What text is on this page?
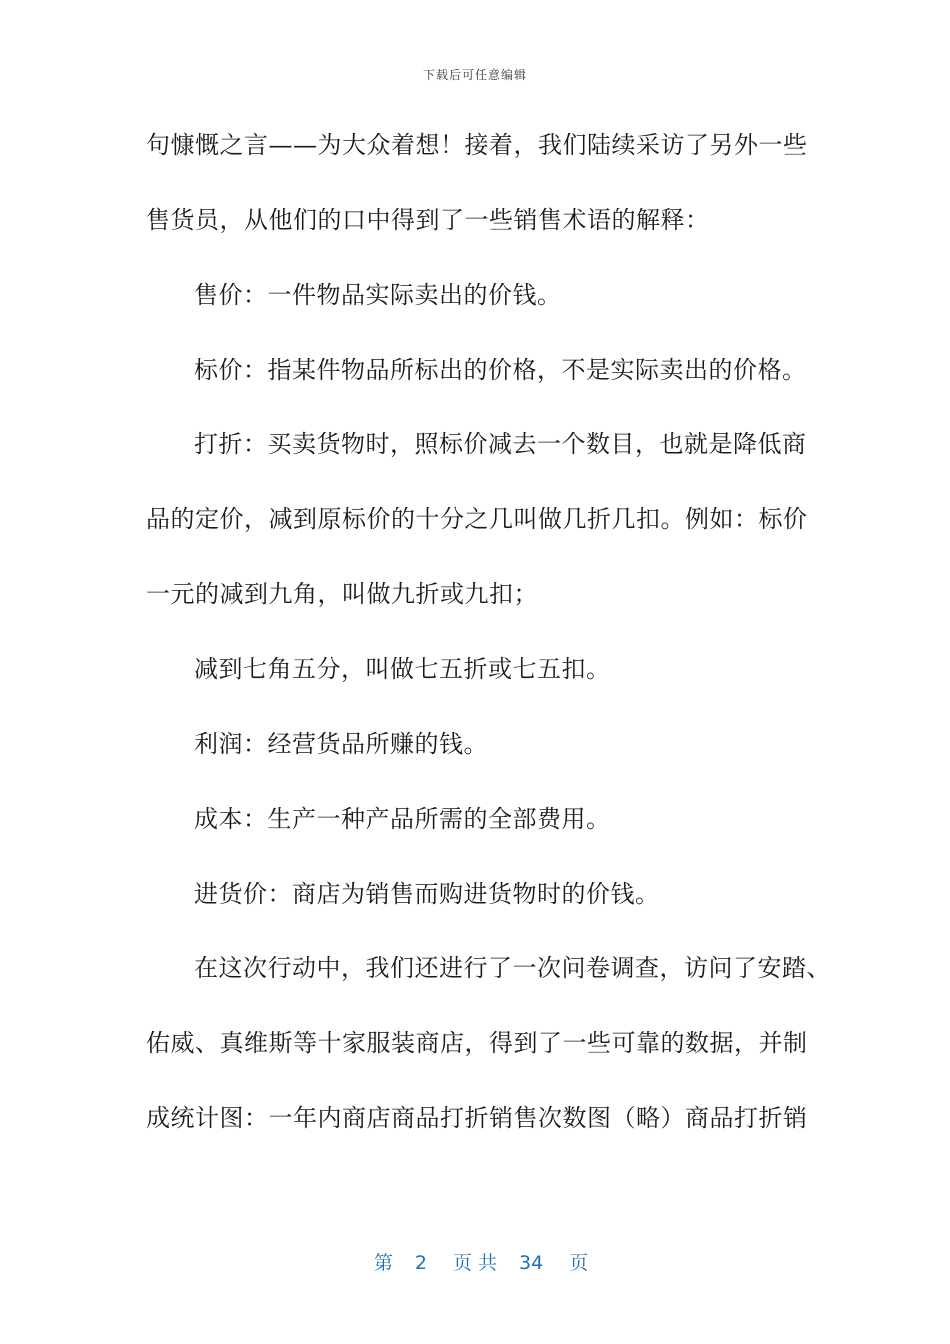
下载后可任意编辑
句慷慨之言——为大众着想！接着，我们陆续采访了另外一些
售货员，从他们的口中得到了一些销售术语的解释：
售价：一件物品实际卖出的价钱。
标价：指某件物品所标出的价格，不是实际卖出的价格。
打折：买卖货物时，照标价减去一个数目，也就是降低商
品的定价，减到原标价的十分之几叫做几折几扣。例如：标价
一元的减到九角，叫做九折或九扣；
减到七角五分，叫做七五折或七五扣。
利润：经营货品所赚的钱。
成本：生产一种产品所需的全部费用。
进货价：商店为销售而购进货物时的价钱。
在这次行动中，我们还进行了一次问卷调查，访问了安踏、
佑威、真维斯等十家服装商店，得到了一些可靠的数据，并制
成统计图：一年内商店商品打折销售次数图（略）商品打折销

第 2 页 共 34 页
